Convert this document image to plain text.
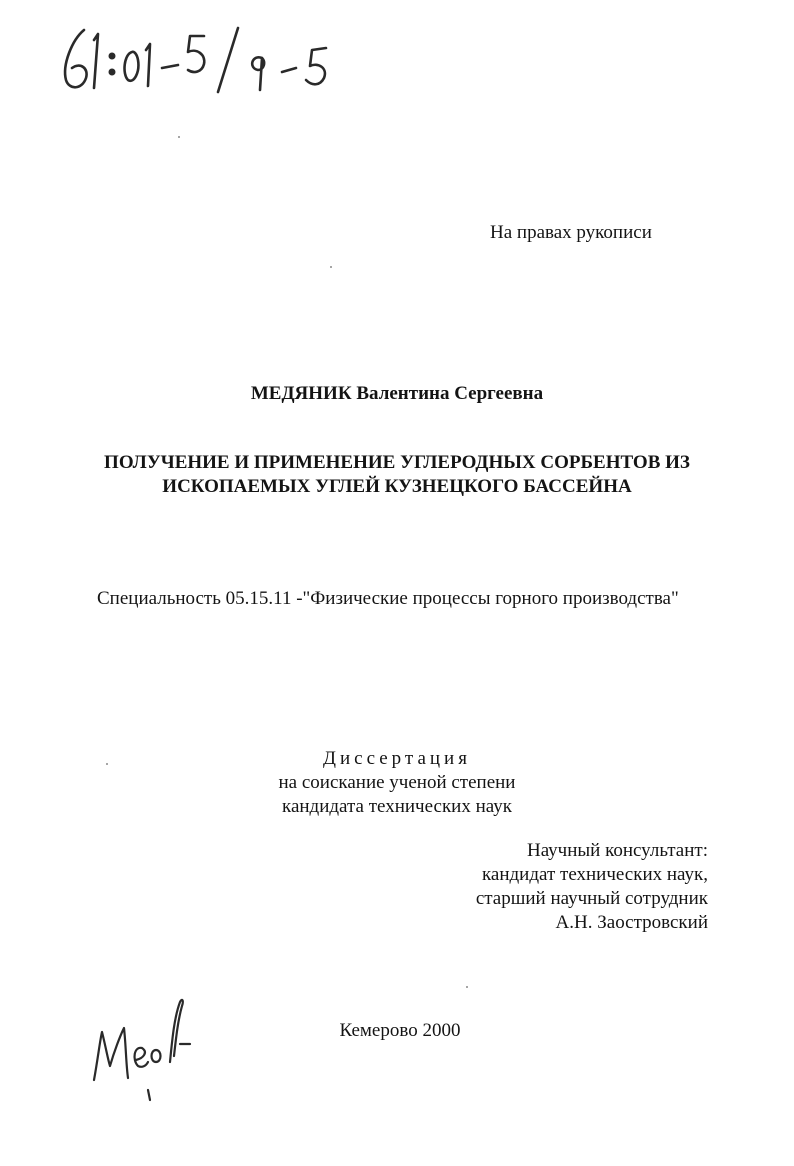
На правах рукописи

МЕДЯНИК Валентина Сергеевна

ПОЛУЧЕНИЕ И ПРИМЕНЕНИЕ УГЛЕРОДНЫХ СОРБЕНТОВ ИЗ
ИСКОПАЕМЫХ УГЛЕЙ КУЗНЕЦКОГО БАССЕЙНА

Специальность 05.15.11 -"Физические процессы горного производства"

Диссертация
на соискание ученой степени
кандидата технических наук
Научный консультант:
кандидат технических наук,
старший научный сотрудник
А.Н. Заостровский

Кемерово 2000
